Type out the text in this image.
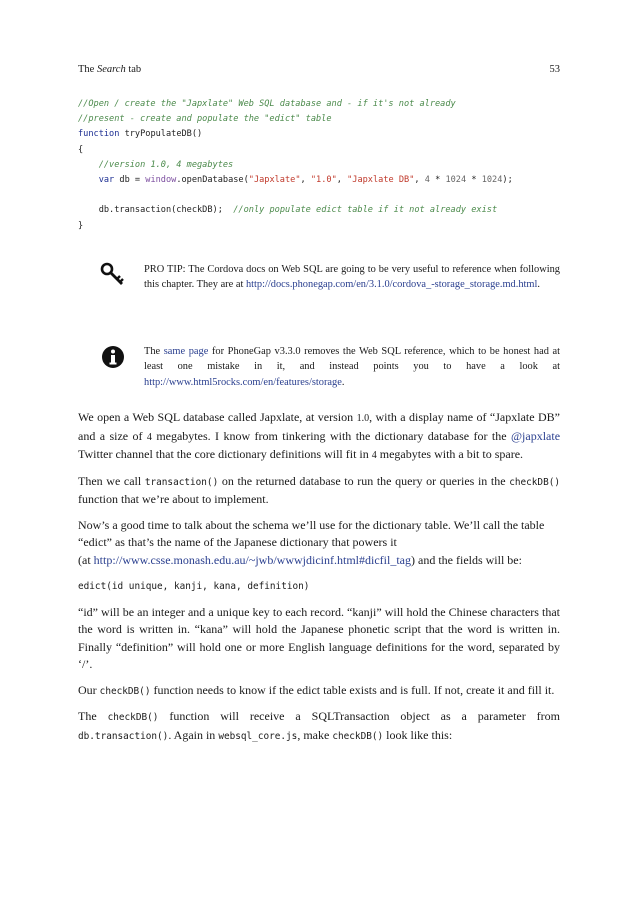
The Search tab	53
//Open / create the "Japxlate" Web SQL database and - if it's not already
//present - create and populate the "edict" table
function tryPopulateDB()
{
//version 1.0, 4 megabytes
var db = window.openDatabase("Japxlate", "1.0", "Japxlate DB", 4 * 1024 * 1024);

db.transaction(checkDB); //only populate edict table if it not already exist
}
PRO TIP: The Cordova docs on Web SQL are going to be very useful to reference when following this chapter. They are at http://docs.phonegap.com/en/3.1.0/cordova_-storage_storage.md.html.
The same page for PhoneGap v3.3.0 removes the Web SQL reference, which to be honest had at least one mistake in it, and instead points you to have a look at http://www.html5rocks.com/en/features/storage.

We open a Web SQL database called Japxlate, at version 1.0, with a display name of “Japxlate DB” and a size of 4 megabytes. I know from tinkering with the dictionary database for the @japxlate Twitter channel that the core dictionary definitions will fit in 4 megabytes with a bit to spare.

Then we call transaction() on the returned database to run the query or queries in the checkDB() function that we’re about to implement.

Now’s a good time to talk about the schema we’ll use for the dictionary table. We’ll call the table “edict” as that’s the name of the Japanese dictionary that powers it
(at http://www.csse.monash.edu.au/~jwb/wwwjdicinf.html#dicfil_tag) and the fields will be:

edict(id unique, kanji, kana, definition)

“id” will be an integer and a unique key to each record. “kanji” will hold the Chinese characters that the word is written in. “kana” will hold the Japanese phonetic script that the word is written in. Finally “definition” will hold one or more English language definitions for the word, separated by ‘/’.

Our checkDB() function needs to know if the edict table exists and is full. If not, create it and fill it.

The checkDB() function will receive a SQLTransaction object as a parameter from db.transaction(). Again in websql_core.js, make checkDB() look like this:
